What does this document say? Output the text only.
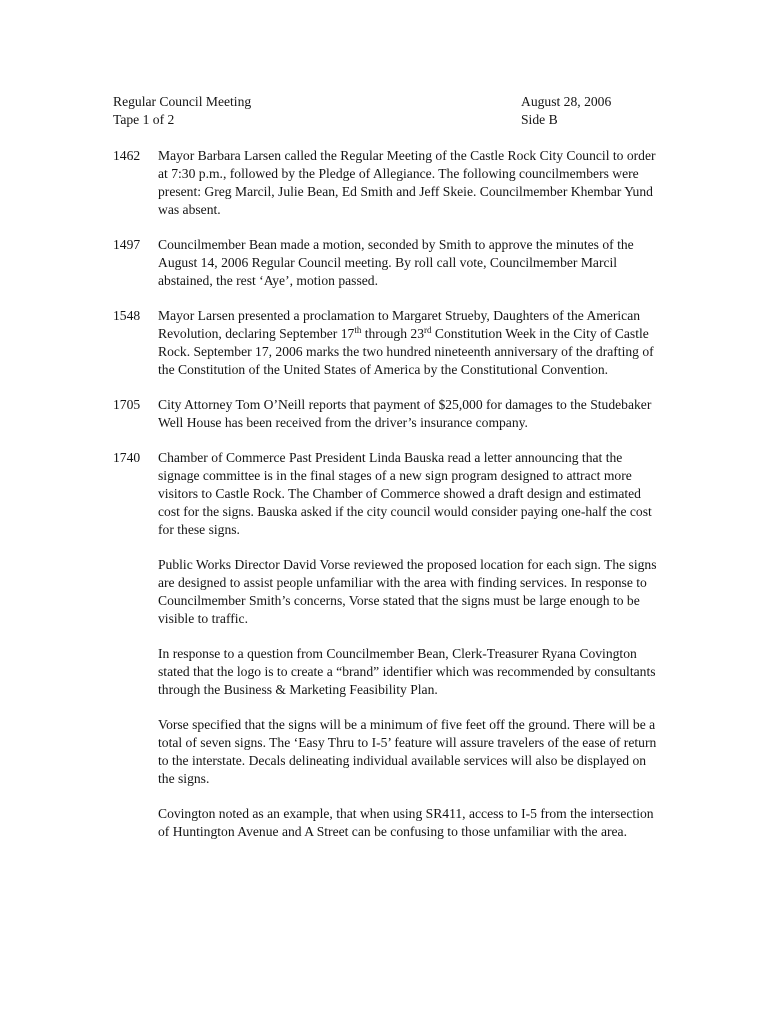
Regular Council Meeting	August 28, 2006
Tape 1 of 2	Side B
1462 Mayor Barbara Larsen called the Regular Meeting of the Castle Rock City Council to order at 7:30 p.m., followed by the Pledge of Allegiance. The following councilmembers were present: Greg Marcil, Julie Bean, Ed Smith and Jeff Skeie. Councilmember Khembar Yund was absent.

1497 Councilmember Bean made a motion, seconded by Smith to approve the minutes of the August 14, 2006 Regular Council meeting. By roll call vote, Councilmember Marcil abstained, the rest ‘Aye’, motion passed.

1548 Mayor Larsen presented a proclamation to Margaret Strueby, Daughters of the American Revolution, declaring September 17th through 23rd Constitution Week in the City of Castle Rock. September 17, 2006 marks the two hundred nineteenth anniversary of the drafting of the Constitution of the United States of America by the Constitutional Convention.

1705 City Attorney Tom O’Neill reports that payment of $25,000 for damages to the Studebaker Well House has been received from the driver’s insurance company.

1740 Chamber of Commerce Past President Linda Bauska read a letter announcing that the signage committee is in the final stages of a new sign program designed to attract more visitors to Castle Rock. The Chamber of Commerce showed a draft design and estimated cost for the signs. Bauska asked if the city council would consider paying one-half the cost for these signs.

Public Works Director David Vorse reviewed the proposed location for each sign. The signs are designed to assist people unfamiliar with the area with finding services. In response to Councilmember Smith’s concerns, Vorse stated that the signs must be large enough to be visible to traffic.

In response to a question from Councilmember Bean, Clerk-Treasurer Ryana Covington stated that the logo is to create a “brand” identifier which was recommended by consultants through the Business & Marketing Feasibility Plan.

Vorse specified that the signs will be a minimum of five feet off the ground. There will be a total of seven signs. The ‘Easy Thru to I-5’ feature will assure travelers of the ease of return to the interstate. Decals delineating individual available services will also be displayed on the signs.

Covington noted as an example, that when using SR411, access to I-5 from the intersection of Huntington Avenue and A Street can be confusing to those unfamiliar with the area.
